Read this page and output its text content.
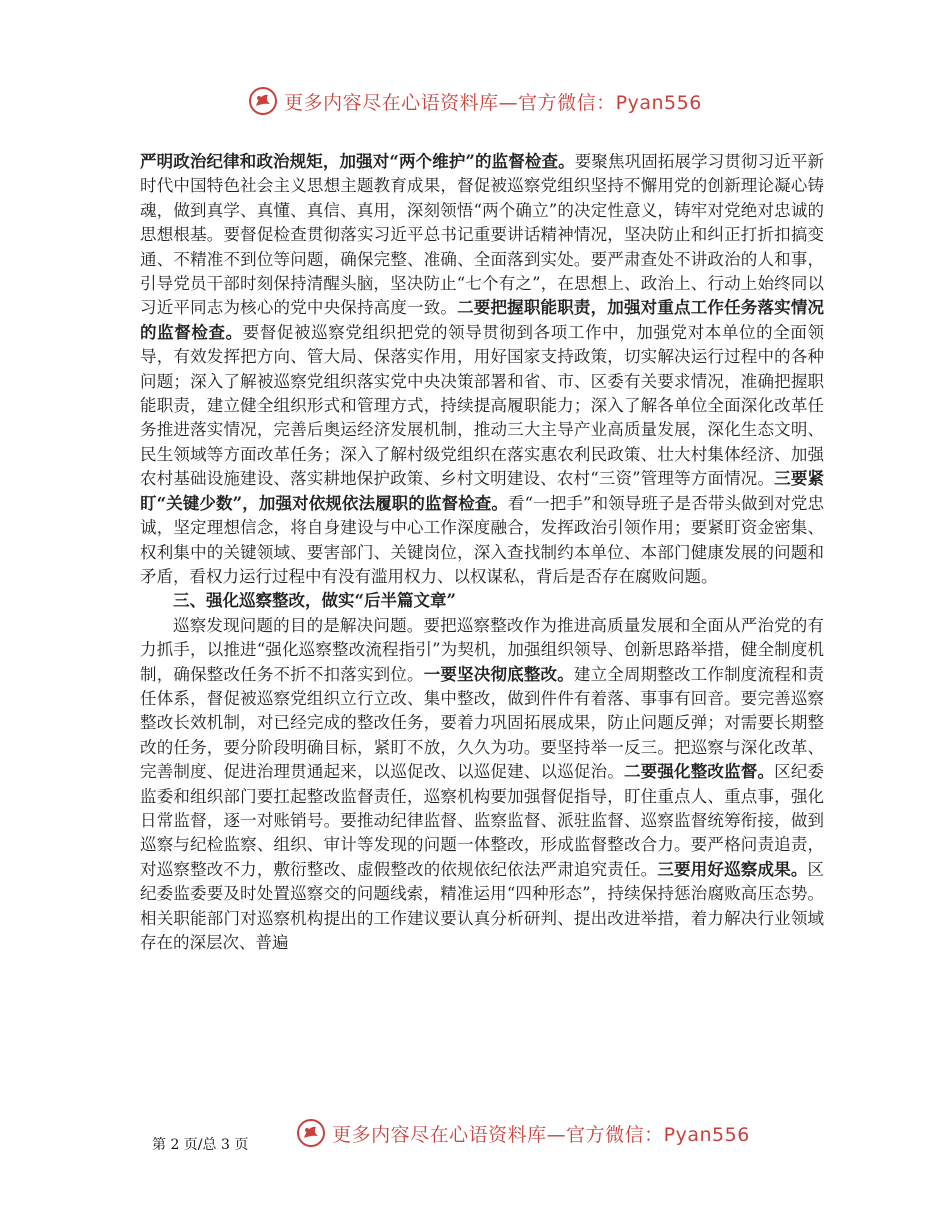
更多内容尽在心语资料库—官方微信：Pyan556

严明政治纪律和政治规矩，加强对“两个维护”的监督检查。要聚焦巩固拓展学习贯彻习近平新时代中国特色社会主义思想主题教育成果，督促被巡察党组织坚持不懈用党的创新理论凝心铸魂，做到真学、真懂、真信、真用，深刻领悟“两个确立”的决定性意义，铸牢对党绝对忠诚的思想根基。要督促检查贯彻落实习近平总书记重要讲话精神情况，坚决防止和纠正打折扣搞变通、不精准不到位等问题，确保完整、准确、全面落到实处。要严肃查处不讲政治的人和事，引导党员干部时刻保持清醒头脑，坚决防止“七个有之”，在思想上、政治上、行动上始终同以习近平同志为核心的党中央保持高度一致。二要把握职能职责，加强对重点工作任务落实情况的监督检查。要督促被巡察党组织把党的领导贯彻到各项工作中，加强党对本单位的全面领导，有效发挥把方向、管大局、保落实作用，用好国家支持政策，切实解决运行过程中的各种问题；深入了解被巡察党组织落实党中央决策部署和省、市、区委有关要求情况，准确把握职能职责，建立健全组织形式和管理方式，持续提高履职能力；深入了解各单位全面深化改革任务推进落实情况，完善后奥运经济发展机制，推动三大主导产业高质量发展，深化生态文明、民生领域等方面改革任务；深入了解村级党组织在落实惠农利民政策、壮大村集体经济、加强农村基础设施建设、落实耕地保护政策、乡村文明建设、农村“三资”管理等方面情况。三要紧盯“关键少数”，加强对依规依法履职的监督检查。看“一把手”和领导班子是否带头做到对党忠诚，坚定理想信念，将自身建设与中心工作深度融合，发挥政治引领作用；要紧盯资金密集、权利集中的关键领域、要害部门、关键岗位，深入查找制约本单位、本部门健康发展的问题和矛盾，看权力运行过程中有没有滥用权力、以权谋私，背后是否存在腐败问题。

三、强化巡察整改，做实“后半篇文章”

巡察发现问题的目的是解决问题。要把巡察整改作为推进高质量发展和全面从严治党的有力抓手，以推进“强化巡察整改流程指引”为契机，加强组织领导、创新思路举措，健全制度机制，确保整改任务不折不扣落实到位。一要坚决彻底整改。建立全周期整改工作制度流程和责任体系，督促被巡察党组织立行立改、集中整改，做到件件有着落、事事有回音。要完善巡察整改长效机制，对已经完成的整改任务，要着力巩固拓展成果，防止问题反弹；对需要长期整改的任务，要分阶段明确目标，紧盯不放，久久为功。要坚持举一反三。把巡察与深化改革、完善制度、促进治理贯通起来，以巡促改、以巡促建、以巡促治。二要强化整改监督。区纪委监委和组织部门要扛起整改监督责任，巡察机构要加强督促指导，盯住重点人、重点事，强化日常监督，逐一对账销号。要推动纪律监督、监察监督、派驻监督、巡察监督统筹衔接，做到巡察与纪检监察、组织、审计等发现的问题一体整改，形成监督整改合力。要严格问责追责，对巡察整改不力，敷衍整改、虚假整改的依规依纪依法严肃追究责任。三要用好巡察成果。区纪委监委要及时处置巡察交的问题线索，精准运用“四种形态”，持续保持惩治腐败高压态势。相关职能部门对巡察机构提出的工作建议要认真分析研判、提出改进举措，着力解决行业领域存在的深层次、普遍

更多内容尽在心语资料库—官方微信：Pyan556
第 2 页/总 3 页
